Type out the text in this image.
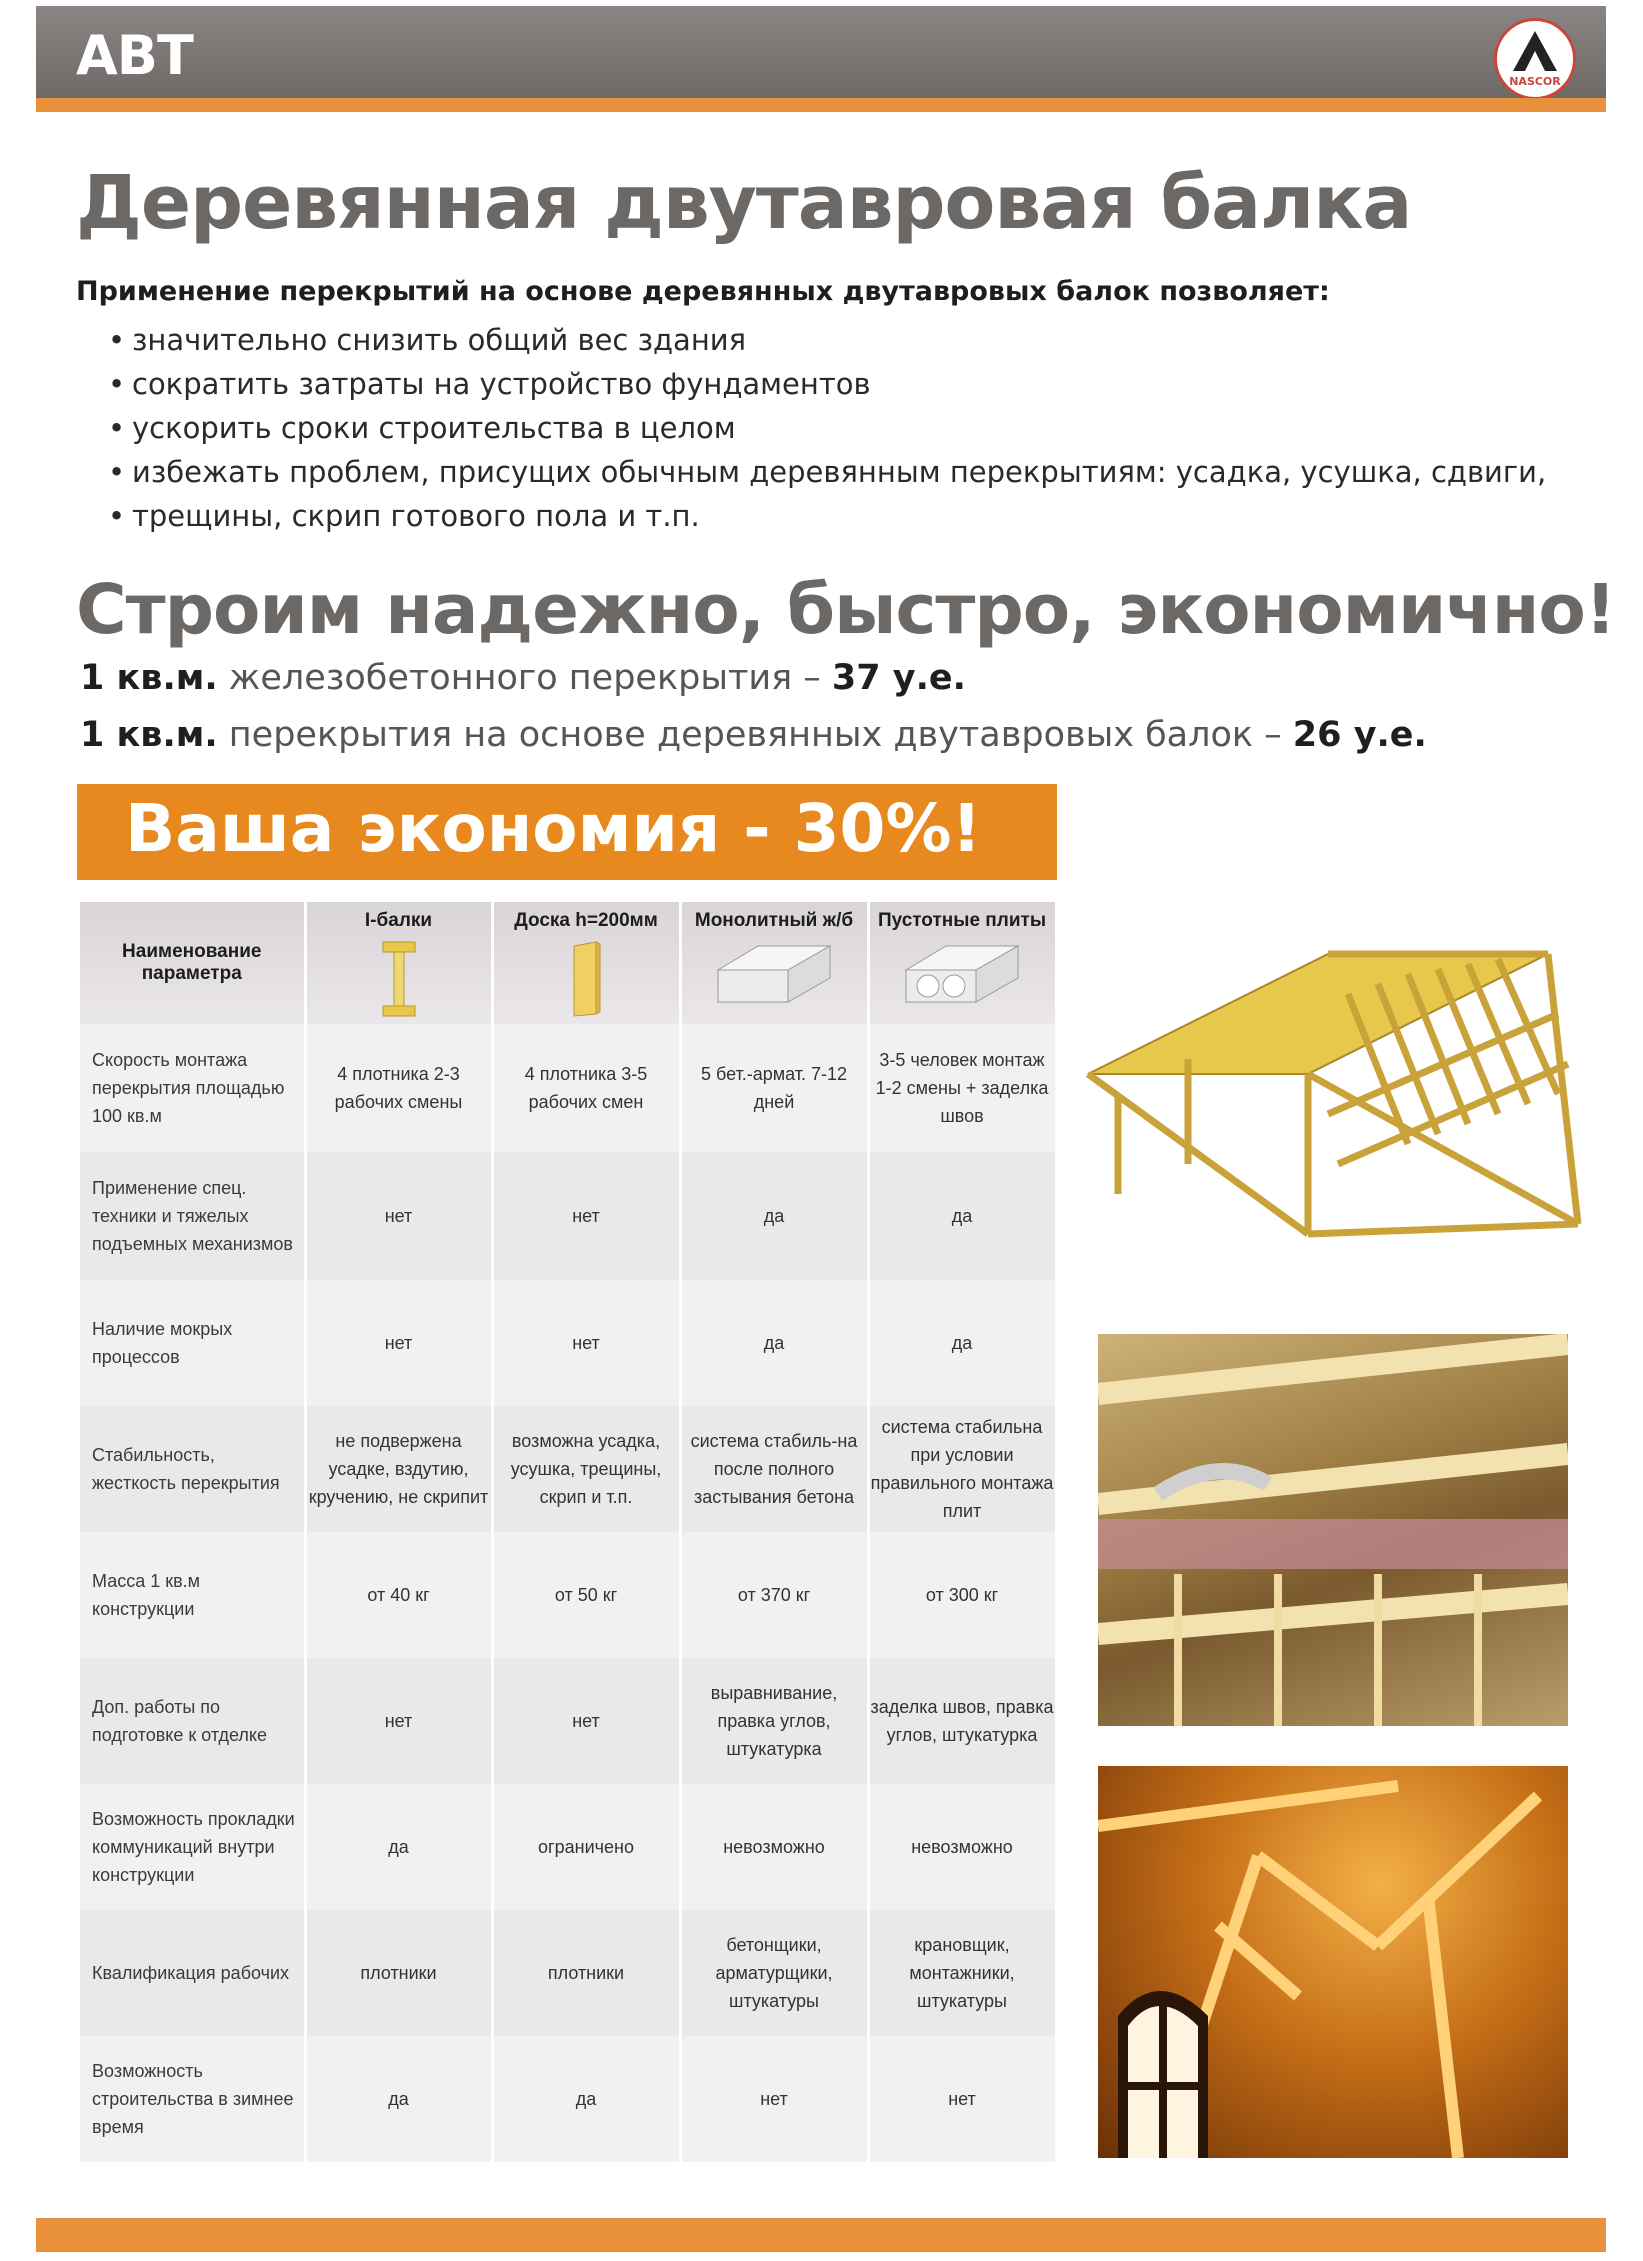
АВТ	NASCOR
Деревянная двутавровая балка
Применение перекрытий на основе деревянных двутавровых балок позволяет:
• значительно снизить общий вес здания
• сократить затраты на устройство фундаментов
• ускорить сроки строительства в целом
• избежать проблем, присущих обычным деревянным перекрытиям: усадка, усушка, сдвиги,
• трещины, скрип готового пола и т.п.
Строим надежно, быстро, экономично!
1 кв.м. железобетонного перекрытия – 37 у.е.
1 кв.м. перекрытия на основе деревянных двутавровых балок – 26 у.е.
Ваша экономия - 30%!
Наименование параметра	I-балки	Доска h=200мм	Монолитный ж/б	Пустотные плиты

Скорость монтажа перекрытия площадью 100 кв.м	4 плотника 2-3 рабочих смены	4 плотника 3-5 рабочих смен	5 бет.-армат. 7-12 дней	3-5 человек монтаж 1-2 смены + заделка швов
Применение спец. техники и тяжелых подъемных механизмов	нет	нет	да	да
Наличие мокрых процессов	нет	нет	да	да
Стабильность, жесткость перекрытия	не подвержена усадке, вздутию, кручению, не скрипит	возможна усадка, усушка, трещины, скрип и т.п.	система стабиль-на после полного застывания бетона	система стабильна при условии правильного монтажа плит
Масса 1 кв.м конструкции	от 40 кг	от 50 кг	от 370 кг	от 300 кг
Доп. работы по подготовке к отделке	нет	нет	выравнивание, правка углов, штукатурка	заделка швов, правка углов, штукатурка
Возможность прокладки коммуникаций внутри конструкции	да	ограничено	невозможно	невозможно
Квалификация рабочих	плотники	плотники	бетонщики, арматурщики, штукатуры	крановщик, монтажники, штукатуры
Возможность строительства в зимнее время	да	да	нет	нет
